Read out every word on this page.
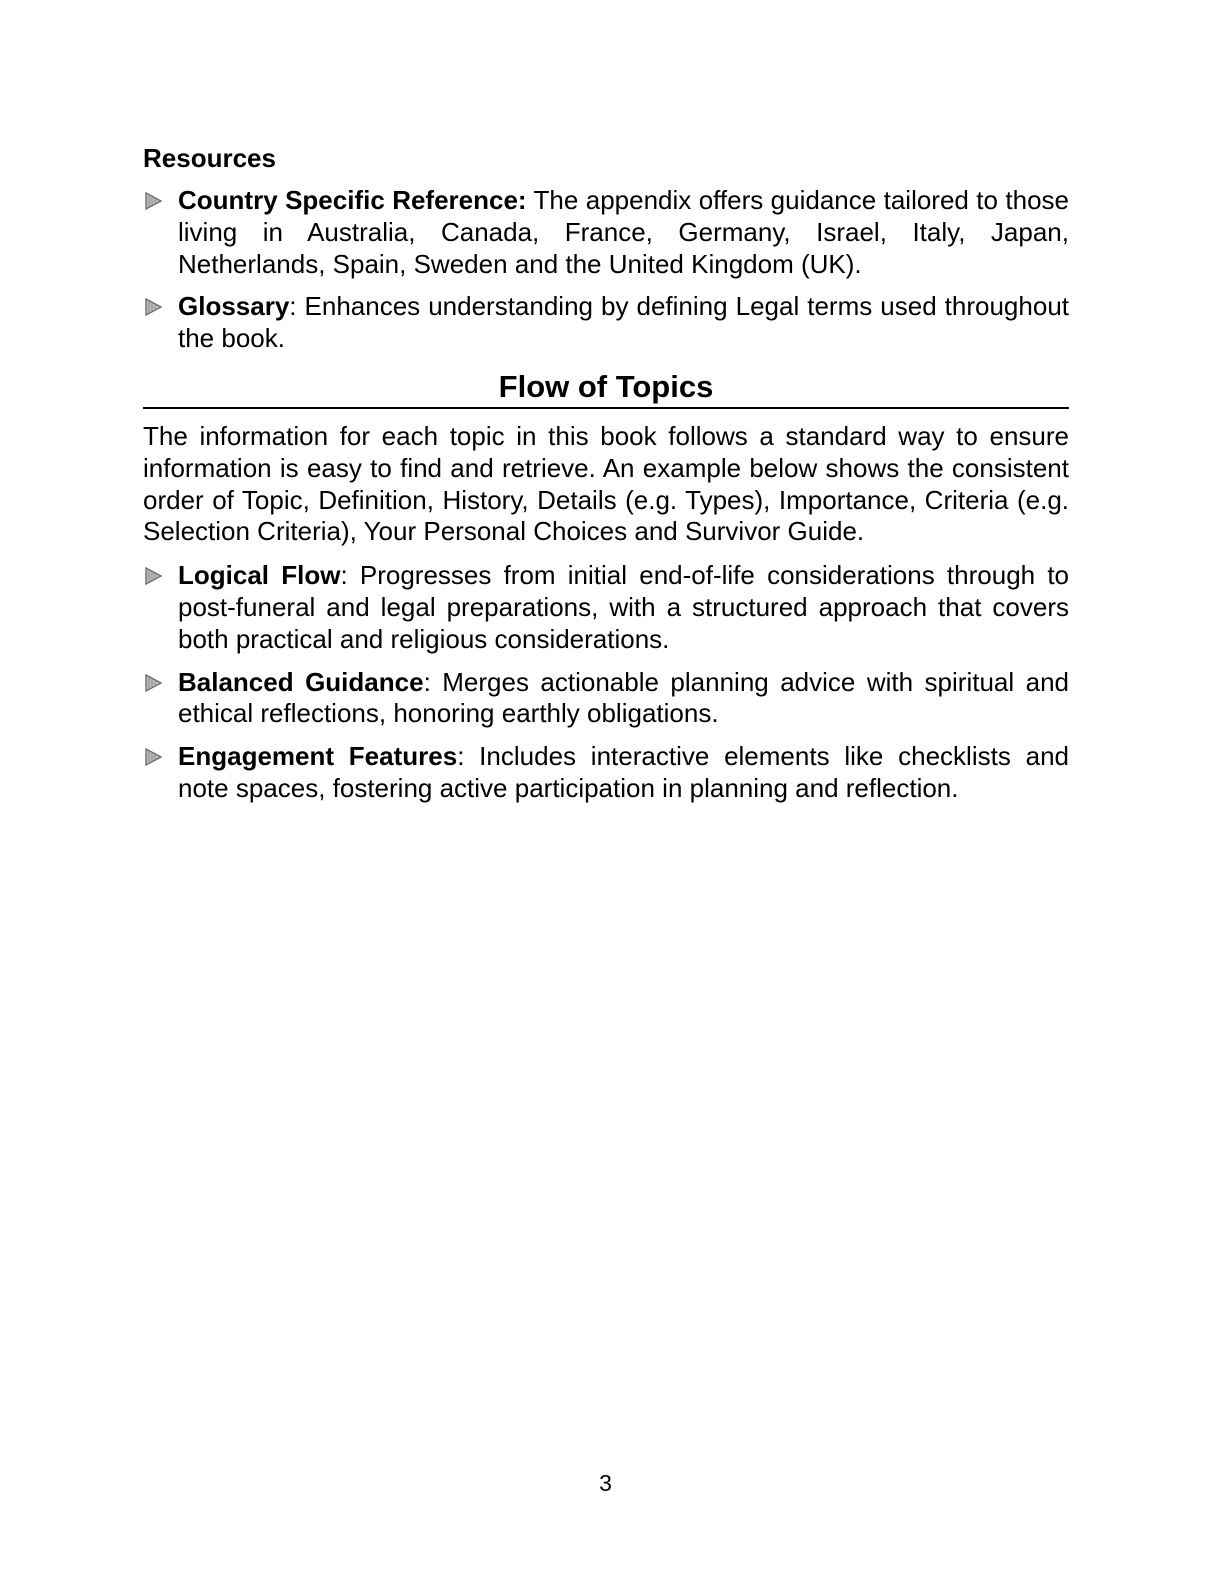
Resources
Country Specific Reference: The appendix offers guidance tailored to those living in Australia, Canada, France, Germany, Israel, Italy, Japan, Netherlands, Spain, Sweden and the United Kingdom (UK).
Glossary: Enhances understanding by defining Legal terms used throughout the book.
Flow of Topics

The information for each topic in this book follows a standard way to ensure information is easy to find and retrieve. An example below shows the consistent order of Topic, Definition, History, Details (e.g. Types), Importance, Criteria (e.g. Selection Criteria), Your Personal Choices and Survivor Guide.

Logical Flow: Progresses from initial end-of-life considerations through to post-funeral and legal preparations, with a structured approach that covers both practical and religious considerations.
Balanced Guidance: Merges actionable planning advice with spiritual and ethical reflections, honoring earthly obligations.
Engagement Features: Includes interactive elements like checklists and note spaces, fostering active participation in planning and reflection.
3
